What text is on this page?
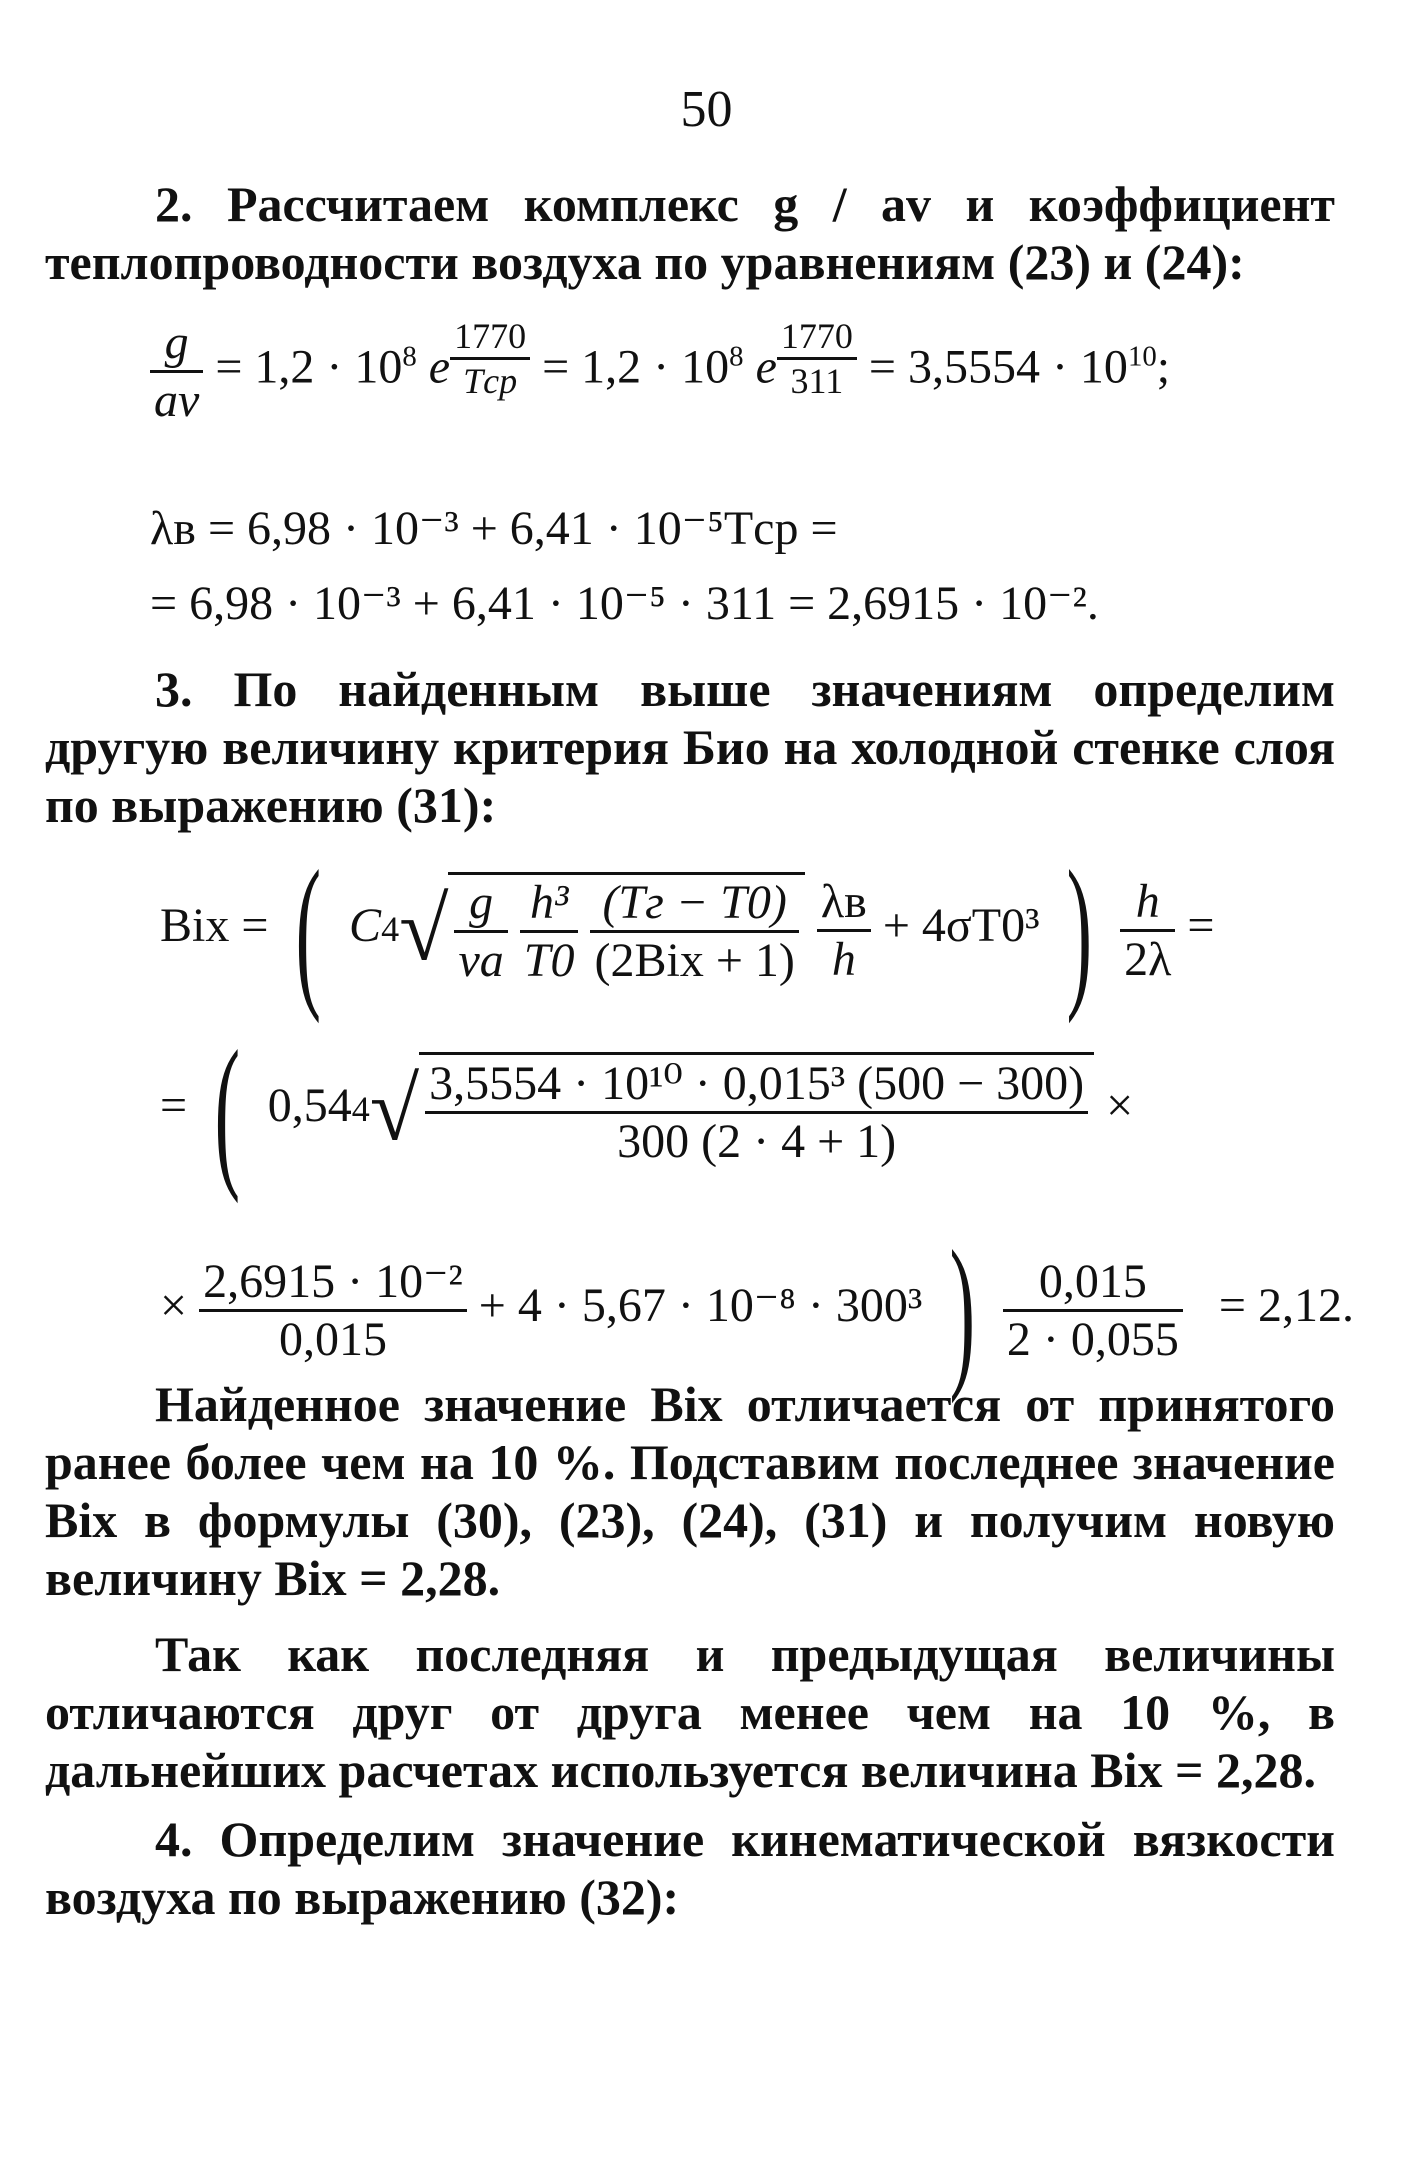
50
2. Рассчитаем комплекс g / av и коэффициент теплопроводности воздуха по уравнениям (23) и (24):
$\frac{g}{av} = 1,2 \cdot 10^8$ e $^{\frac{1770}{\text{Tср}}} = 1,2 \cdot 10^8$ e $^{\frac{1770}{311}} = 3,5554 \cdot 10^{10}$;
λв = 6,98 · 10⁻³ + 6,41 · 10⁻⁵Tср =
= 6,98 · 10⁻³ + 6,41 · 10⁻⁵ · 311 = 2,6915 · 10⁻².
3. По найденным выше значениям определим другую величину критерия Био на холодной стенке слоя по выражению (31):
Biх = ( $C4√ \frac{g}{\nu a}$
$\frac{\text{h³}}{T0}$
$\frac{(Tг - T0)}{\text{(2Biх + 1)}}$
$\frac{\lambda в}{h} + 4\sigma T0^3$ ) $\frac{h}{2\lambda}$ =
= ( $0,544√ \frac{\text{3,5554 · 10¹⁰ · 0,015³ (500 − 300)}}{300 (2 \cdot 4 + 1)}$ ×
× $\frac{\text{2,6915 · 10⁻²}}{0,015} + 4 \cdot 5,67 \cdot 10^{-8} \cdot 300^3$ ) $\frac{0,015}{2 \cdot 0,055} = 2,12$.
Найденное значение Biх отличается от принятого ранее более чем на 10 %. Подставим последнее значение Biх в формулы (30), (23), (24), (31) и получим новую величину Biх = 2,28.
Так как последняя и предыдущая величины отличаются друг от друга менее чем на 10 %, в дальнейших расчетах используется величина Biх = 2,28.
4. Определим значение кинематической вязкости воздуха по выражению (32):
